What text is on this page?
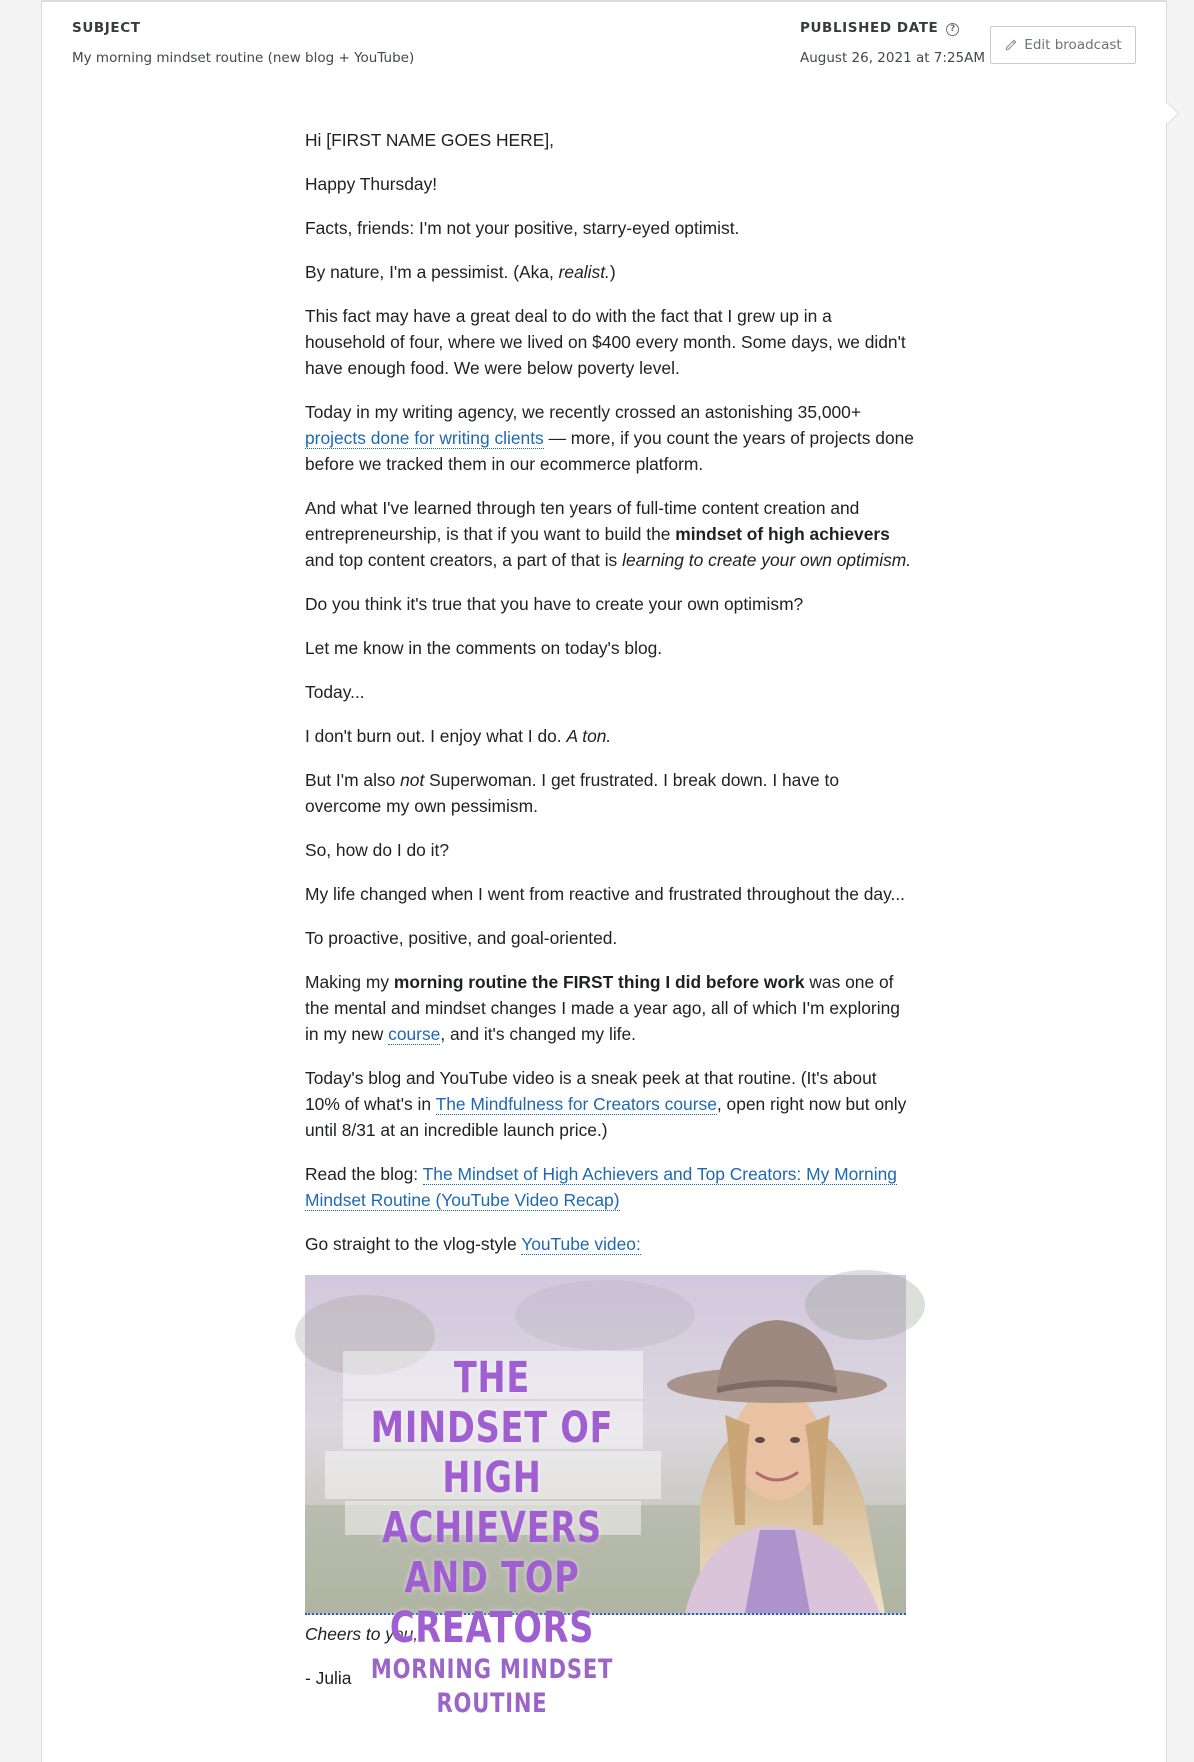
SUBJECT
My morning mindset routine (new blog + YouTube)
PUBLISHED DATE ?
August 26, 2021 at 7:25AM
Edit broadcast

Hi [FIRST NAME GOES HERE],

Happy Thursday!

Facts, friends: I'm not your positive, starry-eyed optimist.

By nature, I'm a pessimist. (Aka, realist.)

This fact may have a great deal to do with the fact that I grew up in a household of four, where we lived on $400 every month. Some days, we didn't have enough food. We were below poverty level.

Today in my writing agency, we recently crossed an astonishing 35,000+ projects done for writing clients — more, if you count the years of projects done before we tracked them in our ecommerce platform.

And what I've learned through ten years of full-time content creation and entrepreneurship, is that if you want to build the mindset of high achievers and top content creators, a part of that is learning to create your own optimism.

Do you think it's true that you have to create your own optimism?

Let me know in the comments on today's blog.

Today...

I don't burn out. I enjoy what I do. A ton.

But I'm also not Superwoman. I get frustrated. I break down. I have to overcome my own pessimism.

So, how do I do it?

My life changed when I went from reactive and frustrated throughout the day...

To proactive, positive, and goal-oriented.

Making my morning routine the FIRST thing I did before work was one of the mental and mindset changes I made a year ago, all of which I'm exploring in my new course, and it's changed my life.

Today's blog and YouTube video is a sneak peek at that routine. (It's about 10% of what's in The Mindfulness for Creators course, open right now but only until 8/31 at an incredible launch price.)

Read the blog: The Mindset of High Achievers and Top Creators: My Morning Mindset Routine (YouTube Video Recap)

Go straight to the vlog-style YouTube video:

THE MINDSET OF
HIGH ACHIEVERS
AND TOP CREATORS
MORNING MINDSET ROUTINE

Cheers to you,

- Julia
